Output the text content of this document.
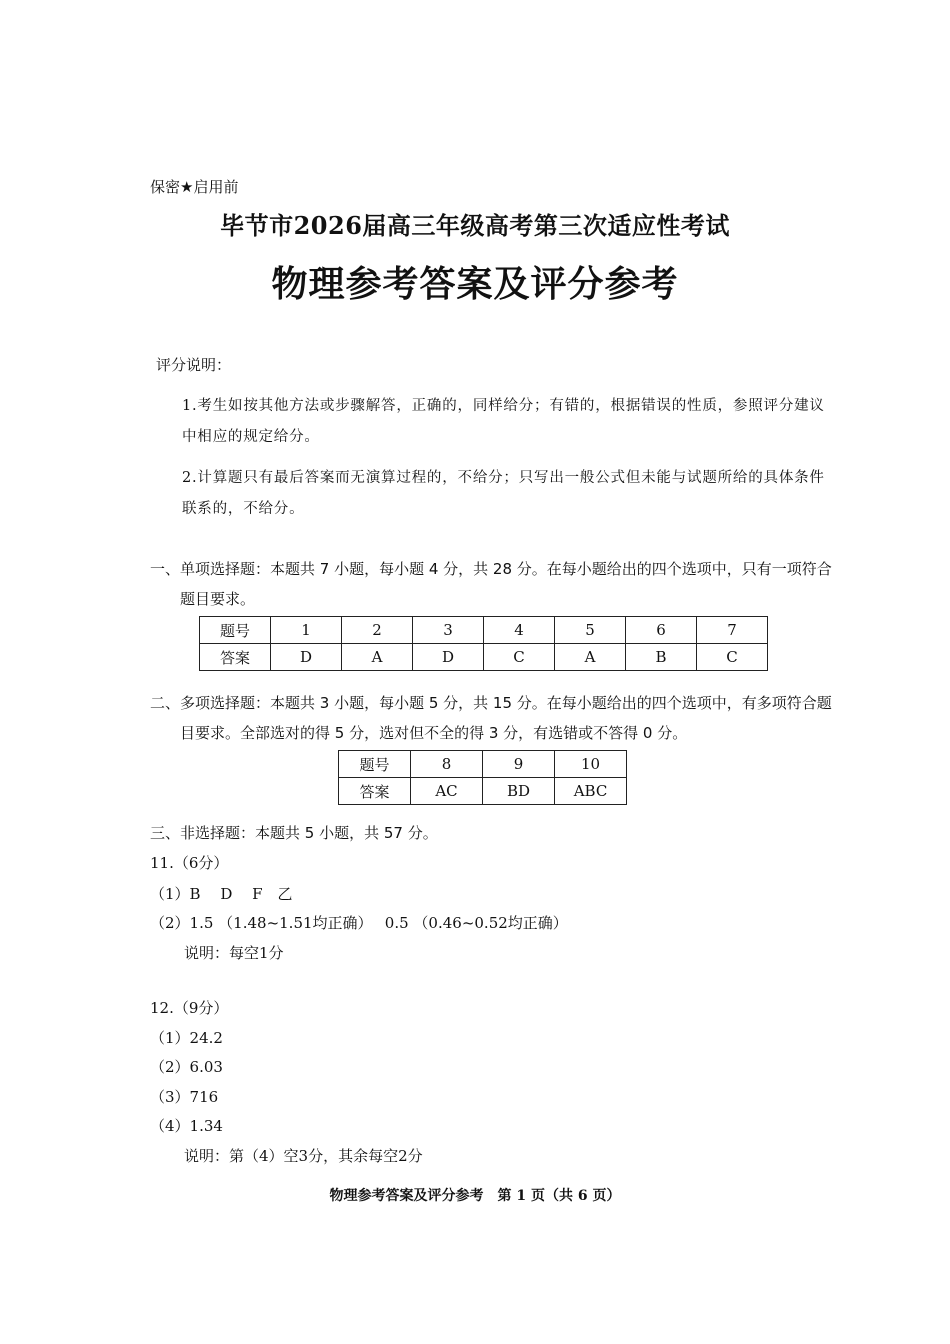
保密★启用前
毕节市2026届高三年级高考第三次适应性考试
物理参考答案及评分参考
评分说明：
1.考生如按其他方法或步骤解答，正确的，同样给分；有错的，根据错误的性质，参照评分建议中相应的规定给分。
2.计算题只有最后答案而无演算过程的，不给分；只写出一般公式但未能与试题所给的具体条件联系的，不给分。
一、单项选择题：本题共 7 小题，每小题 4 分，共 28 分。在每小题给出的四个选项中，只有一项符合题目要求。
题号	1	2	3	4	5	6	7
答案	D	A	D	C	A	B	C
二、多项选择题：本题共 3 小题，每小题 5 分，共 15 分。在每小题给出的四个选项中，有多项符合题目要求。全部选对的得 5 分，选对但不全的得 3 分，有选错或不答得 0 分。
题号	8	9	10
答案	AC	BD	ABC
三、非选择题：本题共 5 小题，共 57 分。
11.（6分）
（1）B　 D　 F　乙
（2）1.5 （1.48~1.51均正确）　 0.5 （0.46~0.52均正确）
说明：每空1分
12.（9分）
（1）24.2
（2）6.03
（3）716
（4）1.34
说明：第（4）空3分，其余每空2分
物理参考答案及评分参考　第 1 页（共 6 页）
